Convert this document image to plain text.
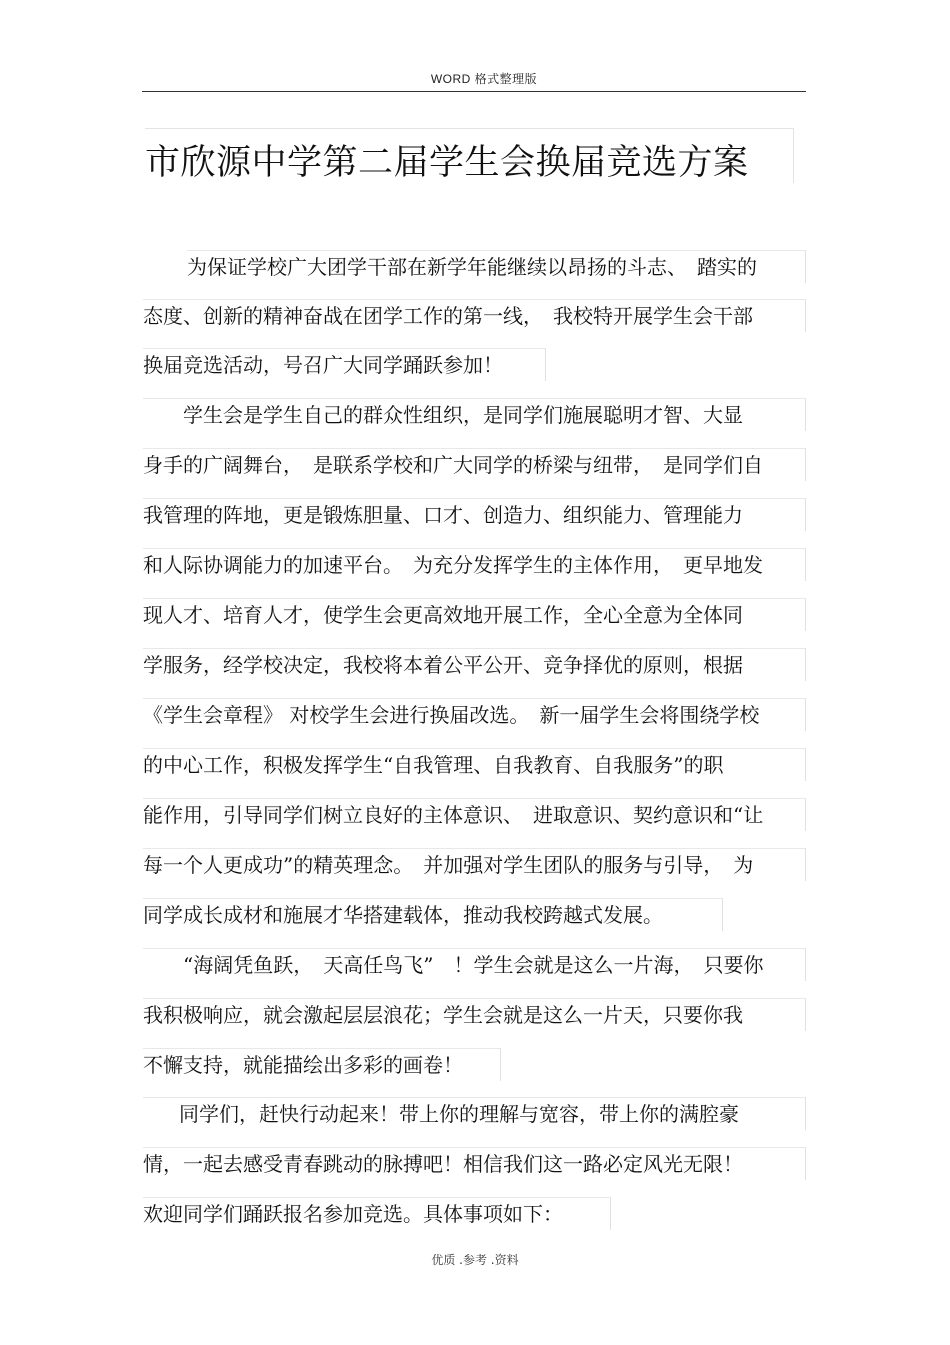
WORD 格式整理版
市欣源中学第二届学生会换届竞选方案
为保证学校广大团学干部在新学年能继续以昂扬的斗志、　踏实的
态度、创新的精神奋战在团学工作的第一线，　我校特开展学生会干部
换届竞选活动，号召广大同学踊跃参加！
学生会是学生自己的群众性组织，是同学们施展聪明才智、大显
身手的广阔舞台，　是联系学校和广大同学的桥梁与纽带，　是同学们自
我管理的阵地，更是锻炼胆量、口才、创造力、组织能力、管理能力
和人际协调能力的加速平台。　为充分发挥学生的主体作用，　更早地发
现人才、培育人才，使学生会更高效地开展工作，全心全意为全体同
学服务，经学校决定，我校将本着公平公开、竞争择优的原则，根据
《学生会章程》 对校学生会进行换届改选。　新一届学生会将围绕学校
的中心工作，积极发挥学生“自我管理、自我教育、自我服务”的职
能作用，引导同学们树立良好的主体意识、　进取意识、契约意识和“让
每一个人更成功”的精英理念。　并加强对学生团队的服务与引导，　为
同学成长成材和施展才华搭建载体，推动我校跨越式发展。
“海阔凭鱼跃，　天高任鸟飞”　！学生会就是这么一片海，　只要你
我积极响应，就会激起层层浪花；学生会就是这么一片天，只要你我
不懈支持，就能描绘出多彩的画卷！
同学们，赶快行动起来！带上你的理解与宽容，带上你的满腔豪
情，一起去感受青春跳动的脉搏吧！相信我们这一路必定风光无限！
欢迎同学们踊跃报名参加竞选。具体事项如下：
优质 .参考 .资料
